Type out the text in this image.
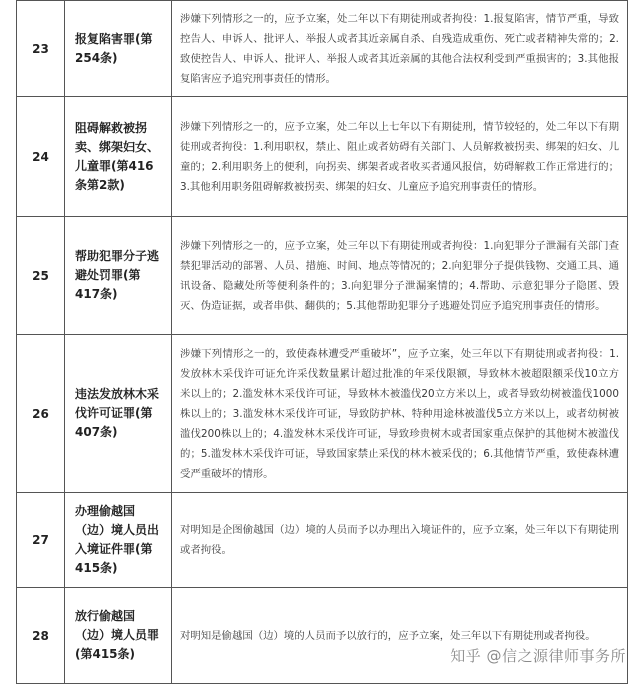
23	报复陷害罪(第254条)	涉嫌下列情形之一的，应予立案，处二年以下有期徒刑或者拘役：1.报复陷害，情节严重，导致控告人、申诉人、批评人、举报人或者其近亲属自杀、自残造成重伤、死亡或者精神失常的；2.致使控告人、申诉人、批评人、举报人或者其近亲属的其他合法权利受到严重损害的；3.其他报复陷害应予追究刑事责任的情形。
24	阻碍解救被拐卖、绑架妇女、儿童罪(第416条第2款)	涉嫌下列情形之一的，应予立案，处二年以上七年以下有期徒刑，情节较轻的，处二年以下有期徒刑或者拘役：1.利用职权，禁止、阻止或者妨碍有关部门、人员解救被拐卖、绑架的妇女、儿童的；2.利用职务上的便利，向拐卖、绑架者或者收买者通风报信，妨碍解救工作正常进行的；3.其他利用职务阻碍解救被拐卖、绑架的妇女、儿童应予追究刑事责任的情形。
25	帮助犯罪分子逃避处罚罪(第417条)	涉嫌下列情形之一的，应予立案，处三年以下有期徒刑或者拘役：1.向犯罪分子泄漏有关部门查禁犯罪活动的部署、人员、措施、时间、地点等情况的；2.向犯罪分子提供钱物、交通工具、通讯设备、隐藏处所等便利条件的；3.向犯罪分子泄漏案情的；4.帮助、示意犯罪分子隐匿、毁灭、伪造证据，或者串供、翻供的；5.其他帮助犯罪分子逃避处罚应予追究刑事责任的情形。
26	违法发放林木采伐许可证罪(第407条)	涉嫌下列情形之一的，致使森林遭受严重破坏”，应予立案，处三年以下有期徒刑或者拘役：1.发放林木采伐许可证允许采伐数量累计超过批准的年采伐限额，导致林木被超限额采伐10立方米以上的；2.滥发林木采伐许可证，导致林木被滥伐20立方米以上，或者导致幼树被滥伐1000株以上的；3.滥发林木采伐许可证，导致防护林、特种用途林被滥伐5立方米以上，或者幼树被滥伐200株以上的；4.滥发林木采伐许可证，导致珍贵树木或者国家重点保护的其他树木被滥伐的；5.滥发林木采伐许可证，导致国家禁止采伐的林木被采伐的；6.其他情节严重，致使森林遭受严重破坏的情形。
27	办理偷越国（边）境人员出入境证件罪(第415条)	对明知是企图偷越国（边）境的人员而予以办理出入境证件的，应予立案，处三年以下有期徒刑或者拘役。
28	放行偷越国（边）境人员罪(第415条)	对明知是偷越国（边）境的人员而予以放行的，应予立案，处三年以下有期徒刑或者拘役。
知乎 @信之源律师事务所
